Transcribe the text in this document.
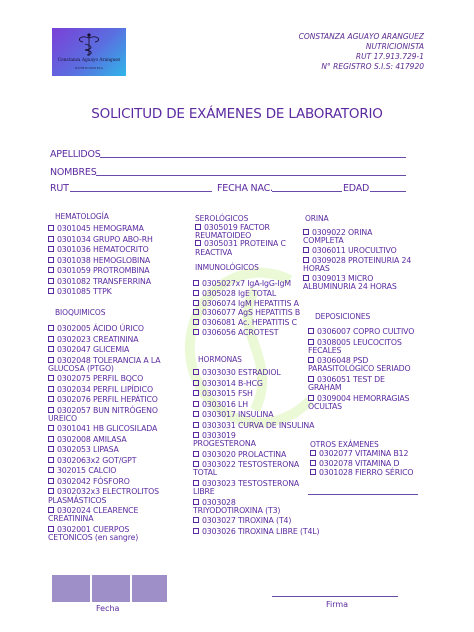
Constanza Aguayo Aranguez
NUTRICIONISTA
CONSTANZA AGUAYO ARANGUEZ
NUTRICIONISTA
RUT 17.913.729-1
N° REGISTRO S.I.S: 417920
SOLICITUD DE EXÁMENES DE LABORATORIO
APELLIDOS
NOMBRES
RUT	FECHA NAC.	EDAD
HEMATOLOGÍA
0301045 HEMOGRAMA
0301034 GRUPO ABO-RH
0301036 HEMATOCRITO
0301038 HEMOGLOBINA
0301059 PROTROMBINA
0301082 TRANSFERRINA
0301085 TTPK
BIOQUIMICOS
0302005 ÁCIDO ÚRICO
0302023 CREATININA
0302047 GLICEMIA
0302048 TOLERANCIA A LA GLUCOSA (PTGO)
0302075 PERFIL BQCO
0302034 PERFIL LIPÍDICO
0302076 PERFIL HEPÁTICO
0302057 BUN NITRÓGENO UREICO
0301041 HB GLICOSILADA
0302008 AMILASA
0302053 LIPASA
0302063x2 GOT/GPT
302015 CALCIO
0302042 FÓSFORO
0302032x3 ELECTROLITOS PLASMÁSTICOS
0302024 CLEARENCE CREATININA
0302001 CUERPOS CETONICOS (en sangre)
SEROLÓGICOS
0305019 FACTOR REUMATOIDEO
0305031 PROTEINA C REACTIVA
INMUNOLÓGICOS
0305027x7 IgA-IgG-IgM
0305028 IgE TOTAL
0306074 IgM HEPATITIS A
0306077 AgS HEPATITIS B
0306081 Ac. HEPATITIS C
0306056 ACROTEST
HORMONAS
0303030 ESTRADIOL
0303014 B-HCG
0303015 FSH
0303016 LH
0303017 INSULINA
0303031 CURVA DE INSULINA
0303019 PROGESTERONA
0303020 PROLACTINA
0303022 TESTOSTERONA TOTAL
0303023 TESTOSTERONA LIBRE
0303028 TRIYODOTIROXINA (T3)
0303027 TIROXINA (T4)
0303026 TIROXINA LIBRE (T4L)
ORINA
0309022 ORINA COMPLETA
0306011 UROCULTIVO
0309028 PROTEINURIA 24 HORAS
0309013 MICRO ALBUMINURIA 24 HORAS
DEPOSICIONES
0306007 COPRO CULTIVO
0308005 LEUCOCITOS FECALES
0306048 PSD PARASITOLÓGICO SERIADO
0306051 TEST DE GRAHAM
0309004 HEMORRAGIAS OCULTAS
OTROS EXÁMENES
0302077 VITAMINA B12
0302078 VITAMINA D
0301028 FIERRO SÉRICO
Fecha	Firma
